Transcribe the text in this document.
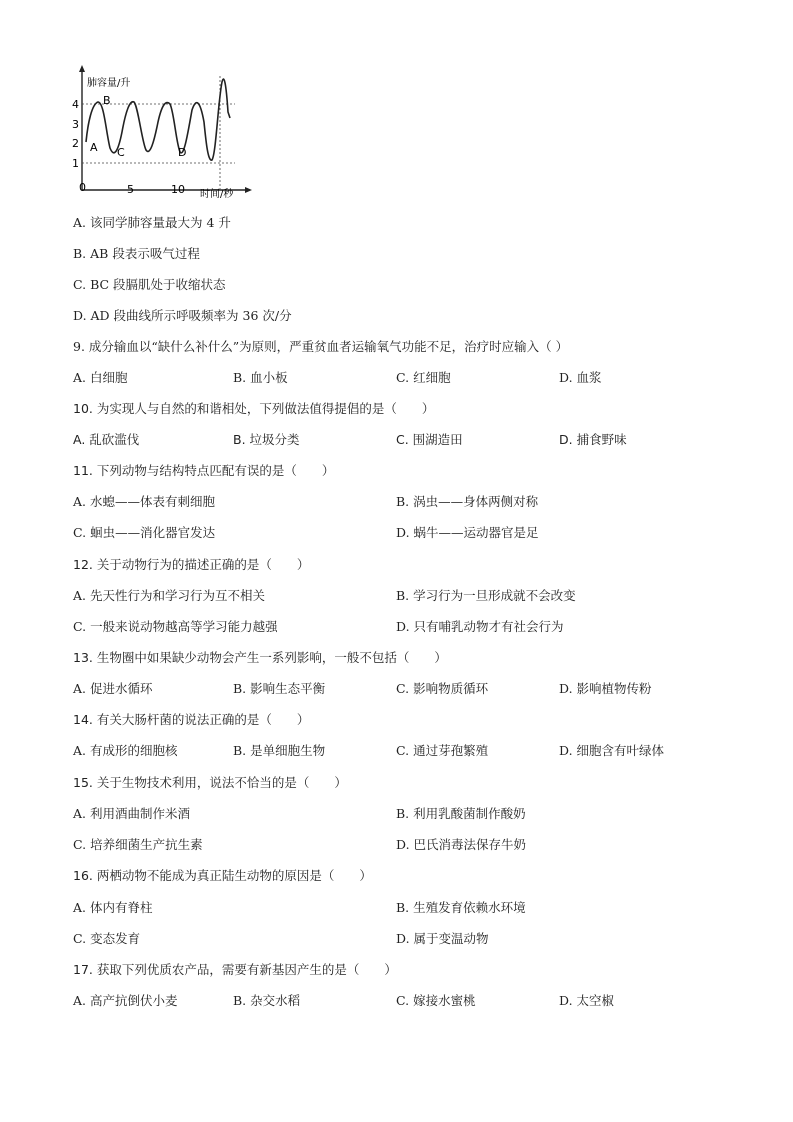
4
3
2
1
0	5	10
肺容量/升
时间/秒
A
B
C	D
A. 该同学肺容量最大为 4 升
B. AB 段表示吸气过程
C. BC 段膈肌处于收缩状态
D. AD 段曲线所示呼吸频率为 36 次/分
9. 成分输血以“缺什么补什么”为原则，严重贫血者运输氧气功能不足，治疗时应输入（ ）
A. 白细胞	B. 血小板	C. 红细胞	D. 血浆
10. 为实现人与自然的和谐相处，下列做法值得提倡的是（　　）
A. 乱砍滥伐	B. 垃圾分类	C. 围湖造田	D. 捕食野味
11. 下列动物与结构特点匹配有误的是（　　）
A. 水螅——体表有刺细胞	B. 涡虫——身体两侧对称
C. 蛔虫——消化器官发达	D. 蜗牛——运动器官是足
12. 关于动物行为的描述正确的是（　　）
A. 先天性行为和学习行为互不相关	B. 学习行为一旦形成就不会改变
C. 一般来说动物越高等学习能力越强	D. 只有哺乳动物才有社会行为
13. 生物圈中如果缺少动物会产生一系列影响，一般不包括（　　）
A. 促进水循环	B. 影响生态平衡	C. 影响物质循环	D. 影响植物传粉
14. 有关大肠杆菌的说法正确的是（　　）
A. 有成形的细胞核	B. 是单细胞生物	C. 通过芽孢繁殖	D. 细胞含有叶绿体
15. 关于生物技术利用，说法不恰当的是（　　）
A. 利用酒曲制作米酒	B. 利用乳酸菌制作酸奶
C. 培养细菌生产抗生素	D. 巴氏消毒法保存牛奶
16. 两栖动物不能成为真正陆生动物的原因是（　　）
A. 体内有脊柱	B. 生殖发育依赖水环境
C. 变态发育	D. 属于变温动物
17. 获取下列优质农产品，需要有新基因产生的是（　　）
A. 高产抗倒伏小麦	B. 杂交水稻	C. 嫁接水蜜桃	D. 太空椒
